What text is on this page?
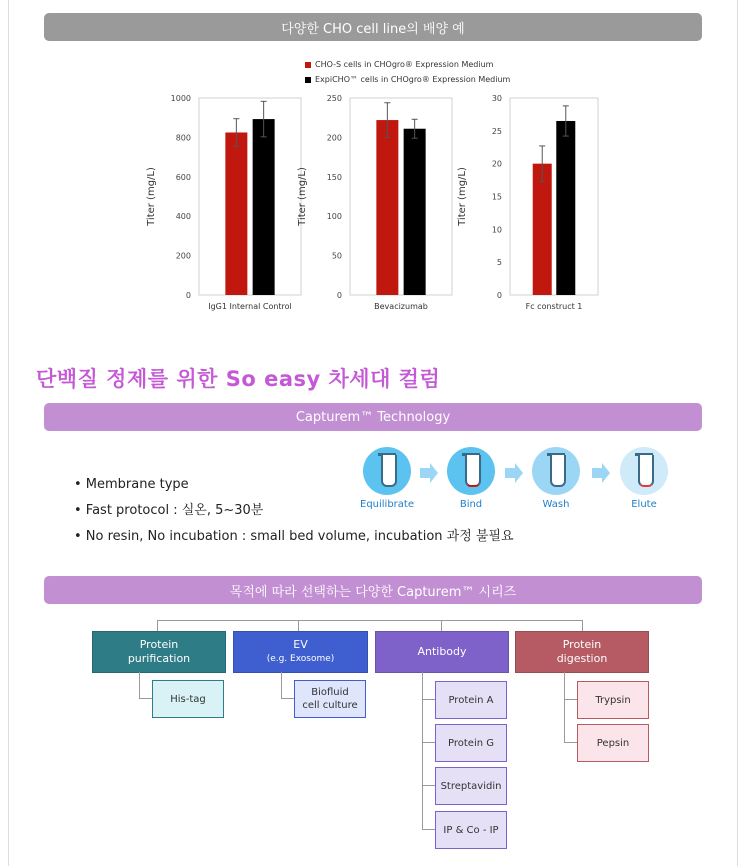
다양한 CHO cell line의 배양 예
CHO-S cells in CHOgro® Expression Medium
ExpiCHO™ cells in CHOgro® Expression Medium
0
200
400
600
800
1000
Titer (mg/L)
IgG1 Internal Control
0
50
100
150
200
250
Titer (mg/L)
Bevacizumab
0
5
10
15
20
25
30
Titer (mg/L)
Fc construct 1
단백질 정제를 위한 So easy 차세대 컬럼
Capturem™ Technology
• Membrane type
• Fast protocol : 실온, 5~30분
• No resin, No incubation : small bed volume, incubation 과정 불필요
Equilibrate	Bind	Wash	Elute
목적에 따라 선택하는 다양한 Capturem™ 시리즈
Protein
purification
EV
(e.g. Exosome)
Antibody
Protein
digestion
His-tag
Biofluid
cell culture	Protein A
Protein G
Streptavidin
IP & Co - IP
Trypsin
Pepsin
